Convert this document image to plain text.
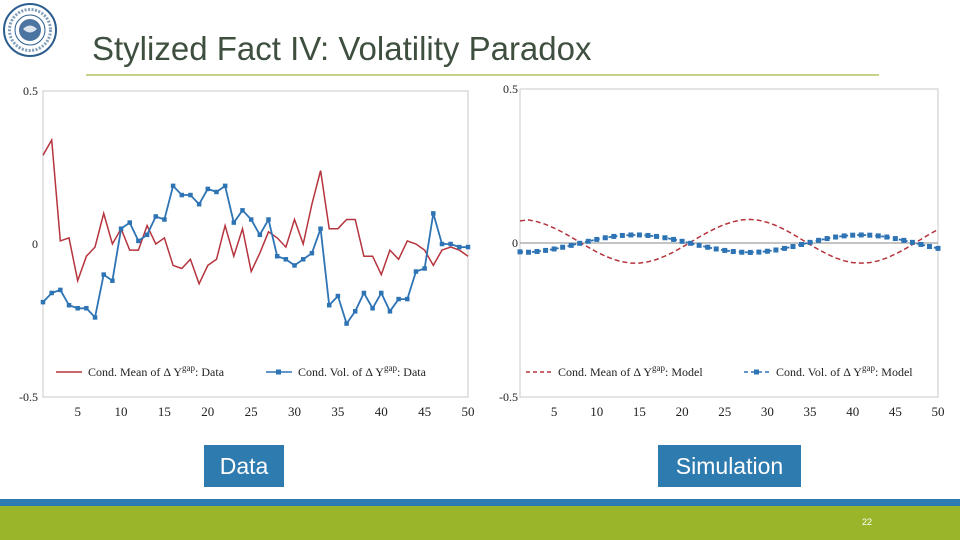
Stylized Fact IV: Volatility Paradox
0.5
0
-0.5
5	10 15 20 25 30 35 40 45 50
Cond. Mean of Δ $Y^{gap}$: Data	Cond. Vol. of Δ $Y^{gap}$: Data
0.5
0
-0.5
5	10 15 20 25 30 35 40 45 50
Cond. Mean of Δ $Y^{gap}$: Model	Cond. Vol. of Δ $Y^{gap}$: Model
Data	Simulation
22
